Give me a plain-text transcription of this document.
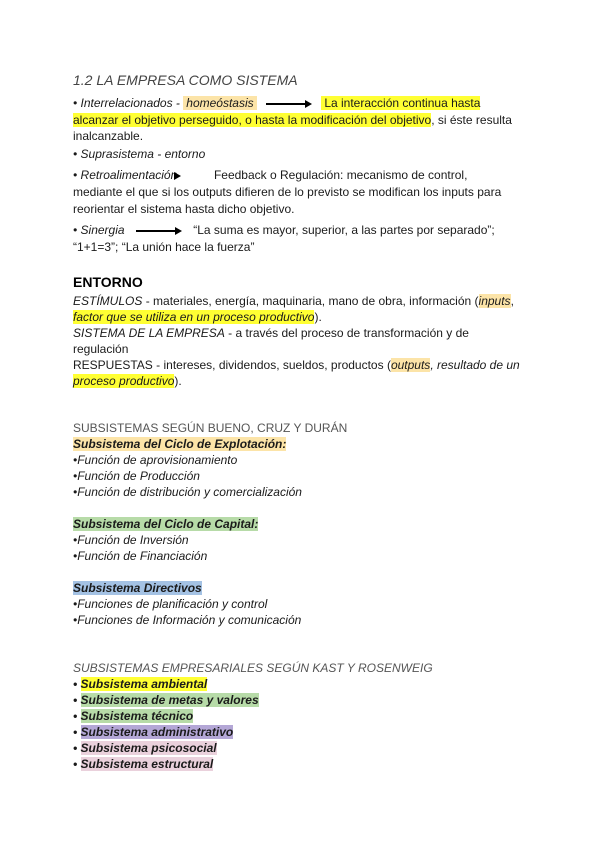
1.2 LA EMPRESA COMO SISTEMA
• Interrelacionados - homeóstasis	La interacción continua hasta
alcanzar el objetivo perseguido, o hasta la modificación del objetivo, si éste resulta
inalcanzable.
• Suprasistema - entorno
• Retroalimentación	Feedback o Regulación: mecanismo de control,
mediante el que si los outputs difieren de lo previsto se modifican los inputs para
reorientar el sistema hasta dicho objetivo.
• Sinergia	“La suma es mayor, superior, a las partes por separado”;
“1+1=3”; “La unión hace la fuerza”
ENTORNO
ESTÍMULOS - materiales, energía, maquinaria, mano de obra, información (inputs,
factor que se utiliza en un proceso productivo).
SISTEMA DE LA EMPRESA - a través del proceso de transformación y de
regulación
RESPUESTAS - intereses, dividendos, sueldos, productos (outputs, resultado de un
proceso productivo).
SUBSISTEMAS SEGÚN BUENO, CRUZ Y DURÁN
Subsistema del Ciclo de Explotación:
•Función de aprovisionamiento
•Función de Producción
•Función de distribución y comercialización
Subsistema del Ciclo de Capital:
•Función de Inversión
•Función de Financiación
Subsistema Directivos
•Funciones de planificación y control
•Funciones de Información y comunicación
SUBSISTEMAS EMPRESARIALES SEGÚN KAST Y ROSENWEIG
• Subsistema ambiental
• Subsistema de metas y valores
• Subsistema técnico
• Subsistema administrativo
• Subsistema psicosocial
• Subsistema estructural
